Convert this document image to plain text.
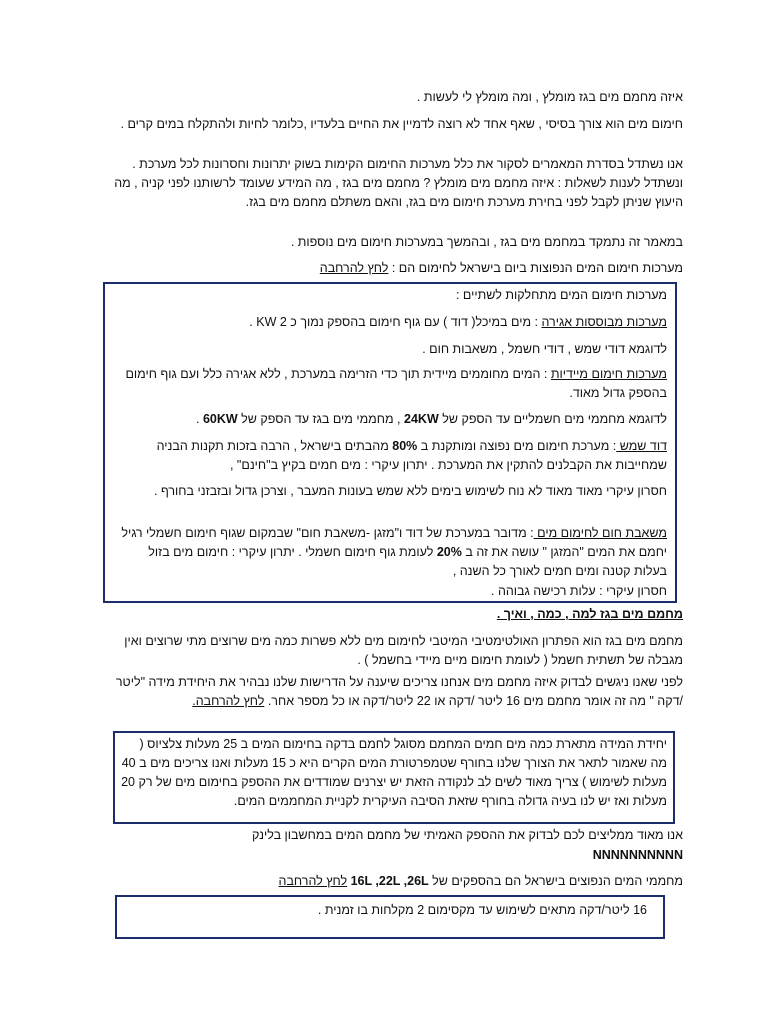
איזה מחמם מים בגז מומלץ , ומה מומלץ לי לעשות .
חימום מים הוא צורך בסיסי , שאף אחד לא רוצה לדמיין את החיים בלעדיו ,כלומר לחיות ולהתקלח במים קרים .
אנו נשתדל בסדרת המאמרים לסקור את כלל מערכות החימום הקימות בשוק יתרונות וחסרונות לכל מערכת . ונשתדל לענות לשאלות : איזה מחמם מים מומלץ ? מחמם מים בגז , מה המידע שעומד לרשותנו לפני קניה , מה היעוץ שניתן לקבל לפני בחירת מערכת חימום מים בגז, והאם משתלם מחמם מים בגז.
במאמר זה נתמקד במחמם מים בגז , ובהמשך במערכות חימום מים נוספות .
מערכות חימום המים הנפוצות ביום בישראל לחימום הם : לחץ להרחבה
מערכות חימום המים מתחלקות לשתיים :
מערכות מבוססות אגירה : מים במיכל( דוד ) עם גוף חימום בהספק נמוך כ 2 KW .
לדוגמא דודי שמש , דודי חשמל , משאבות חום .
מערכות חימום מיידיות : המים מחוממים מיידית תוך כדי הזרימה במערכת , ללא אגירה כלל ועם גוף חימום בהספק גדול מאוד.
לדוגמא מחממי מים חשמליים עד הספק של 24KW , מחממי מים בגז עד הספק של 60KW .
דוד שמש : מערכת חימום מים נפוצה ומותקנת ב 80% מהבתים בישראל , הרבה בזכות תקנות הבניה שמחייבות את הקבלנים להתקין את המערכת . יתרון עיקרי : מים חמים בקיץ ב"חינם" ,
חסרון עיקרי מאוד מאוד לא נוח לשימוש בימים ללא שמש בעונות המעבר , וצרכן גדול ובזבזני בחורף .
משאבת חום לחימום מים : מדובר במערכת של דוד ו"מזגן -משאבת חום" שבמקום שגוף חימום חשמלי רגיל יחמם את המים "המזגן " עושה את זה ב 20% לעומת גוף חימום חשמלי . יתרון עיקרי : חימום מים בזול בעלות קטנה ומים חמים לאורך כל השנה ,
חסרון עיקרי : עלות רכישה גבוהה .
מחמם מים בגז למה , כמה , ואיך .
מחמם מים בגז הוא הפתרון האולטימטיבי המיטבי לחימום מים ללא פשרות כמה מים שרוצים מתי שרוצים ואין מגבלה של תשתית חשמל ( לעומת חימום מיים מיידי בחשמל ) .
לפני שאנו ניגשים לבדוק איזה מחמם מים אנחנו צריכים שיענה על הדרישות שלנו נבהיר את היחידת מידה "ליטר /דקה " מה זה אומר מחמם מים 16 ליטר /דקה או 22 ליטר/דקה או כל מספר אחר. לחץ להרחבה.
יחידת המידה מתארת כמה מים חמים המחמם מסוגל לחמם בדקה בחימום המים ב 25 מעלות צלציוס ( מה שאמור לתאר את הצורך שלנו בחורף שטמפרטורת המים הקרים היא כ 15 מעלות ואנו צריכים מים ב 40 מעלות לשימוש ) צריך מאוד לשים לב לנקודה הזאת יש יצרנים שמודדים את ההספק בחימום מים של רק 20 מעלות ואז יש לנו בעיה גדולה בחורף שזאת הסיבה העיקרית לקניית המחממים המים.
אנו מאוד ממליצים לכם לבדוק את ההספק האמיתי של מחמם המים במחשבון בלינק
NNNNNNNNNN
מחממי המים הנפוצים בישראל הם בהספקים של 16L ,22L ,26L לחץ להרחבה
16 ליטר/דקה מתאים לשימוש עד מקסימום 2 מקלחות בו זמנית .
